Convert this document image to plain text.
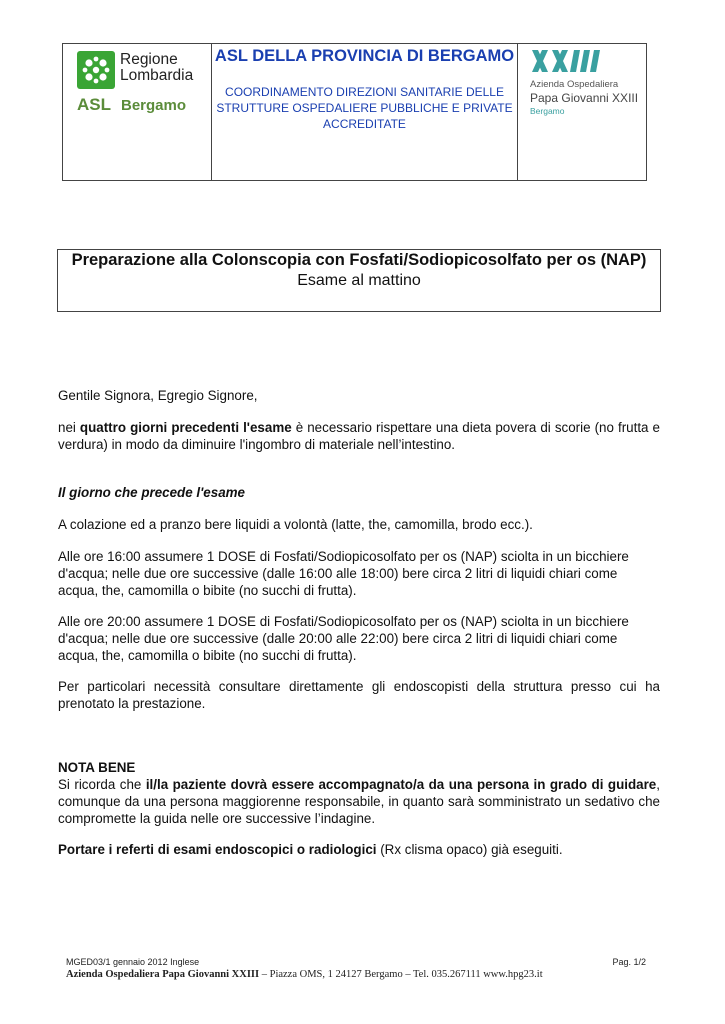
Regione
Lombardia
ASL Bergamo
ASL DELLA PROVINCIA DI BERGAMO
COORDINAMENTO DIREZIONI SANITARIE DELLE STRUTTURE OSPEDALIERE PUBBLICHE E PRIVATE ACCREDITATE
Azienda Ospedaliera
Papa Giovanni XXIII
Bergamo
Preparazione alla Colonscopia con Fosfati/Sodiopicosolfato per os (NAP)
Esame al mattino

Gentile Signora, Egregio Signore,

nei quattro giorni precedenti l'esame è necessario rispettare una dieta povera di scorie (no frutta e verdura) in modo da diminuire l'ingombro di materiale nell’intestino.

Il giorno che precede l'esame

A colazione ed a pranzo bere liquidi a volontà (latte, the, camomilla, brodo ecc.).

Alle ore 16:00 assumere 1 DOSE di Fosfati/Sodiopicosolfato per os (NAP) sciolta in un bicchiere d'acqua; nelle due ore successive (dalle 16:00 alle 18:00) bere circa 2 litri di liquidi chiari come acqua, the, camomilla o bibite (no succhi di frutta).

Alle ore 20:00 assumere 1 DOSE di Fosfati/Sodiopicosolfato per os (NAP) sciolta in un bicchiere d'acqua; nelle due ore successive (dalle 20:00 alle 22:00) bere circa 2 litri di liquidi chiari come acqua, the, camomilla o bibite (no succhi di frutta).

Per particolari necessità consultare direttamente gli endoscopisti della struttura presso cui ha prenotato la prestazione.

NOTA BENE

Si ricorda che il/la paziente dovrà essere accompagnato/a da una persona in grado di guidare, comunque da una persona maggiorenne responsabile, in quanto sarà somministrato un sedativo che compromette la guida nelle ore successive l’indagine.

Portare i referti di esami endoscopici o radiologici (Rx clisma opaco) già eseguiti.

MGED03/1 gennaio 2012 Inglese	Pag. 1/2
Azienda Ospedaliera Papa Giovanni XXIII – Piazza OMS, 1 24127 Bergamo – Tel. 035.267111 www.hpg23.it
